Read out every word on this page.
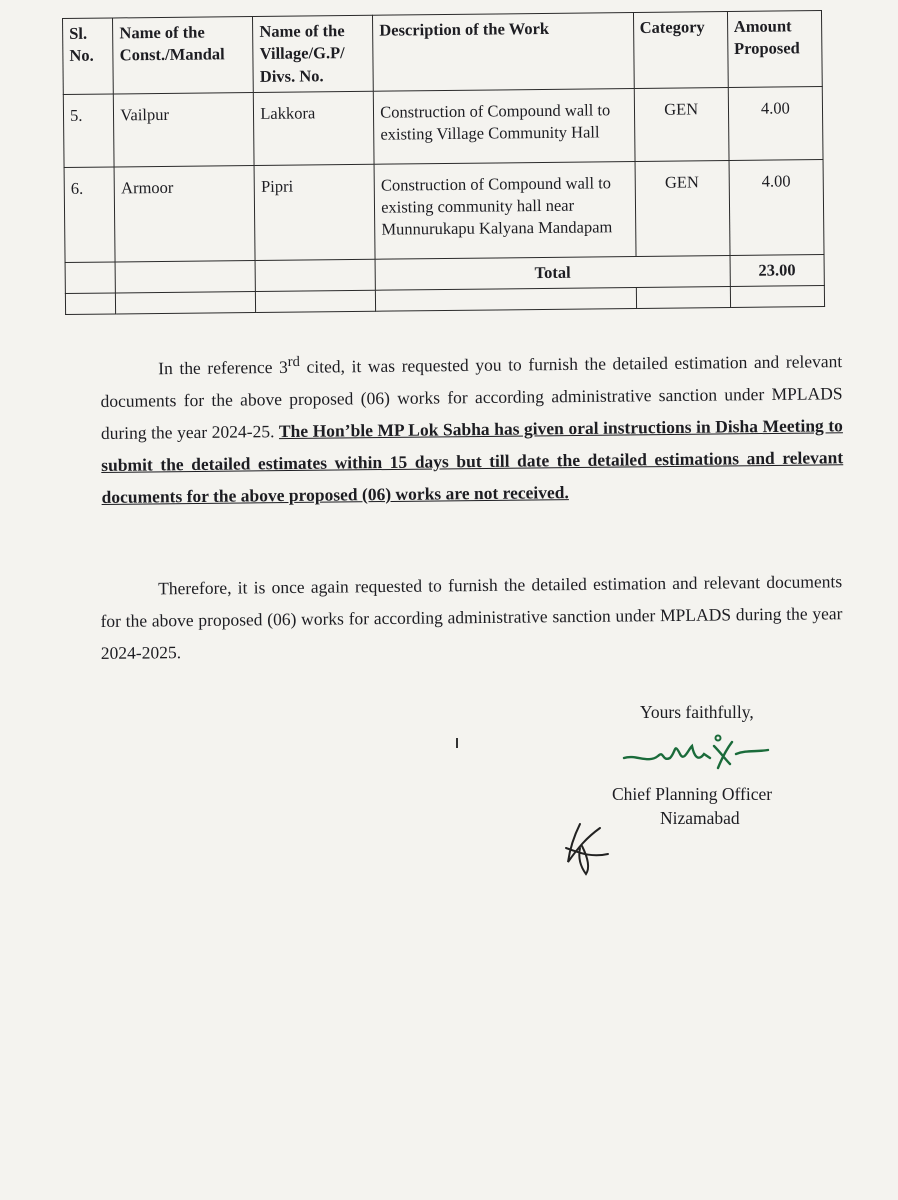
Sl. No.	Name of the Const./Mandal	Name of the Village/G.P/ Divs. No.	Description of the Work	Category	Amount Proposed
5.	Vailpur	Lakkora	Construction of Compound wall to existing Village Community Hall	GEN	4.00
6.	Armoor	Pipri	Construction of Compound wall to existing community hall near Munnurukapu Kalyana Mandapam	GEN	4.00
			Total		23.00

In the reference 3rd cited, it was requested you to furnish the detailed estimation and relevant documents for the above proposed (06) works for according administrative sanction under MPLADS during the year 2024-25. The Hon’ble MP Lok Sabha has given oral instructions in Disha Meeting to submit the detailed estimates within 15 days but till date the detailed estimations and relevant documents for the above proposed (06) works are not received.

Therefore, it is once again requested to furnish the detailed estimation and relevant documents for the above proposed (06) works for according administrative sanction under MPLADS during the year 2024-2025.

Yours faithfully,
Chief Planning Officer
Nizamabad
